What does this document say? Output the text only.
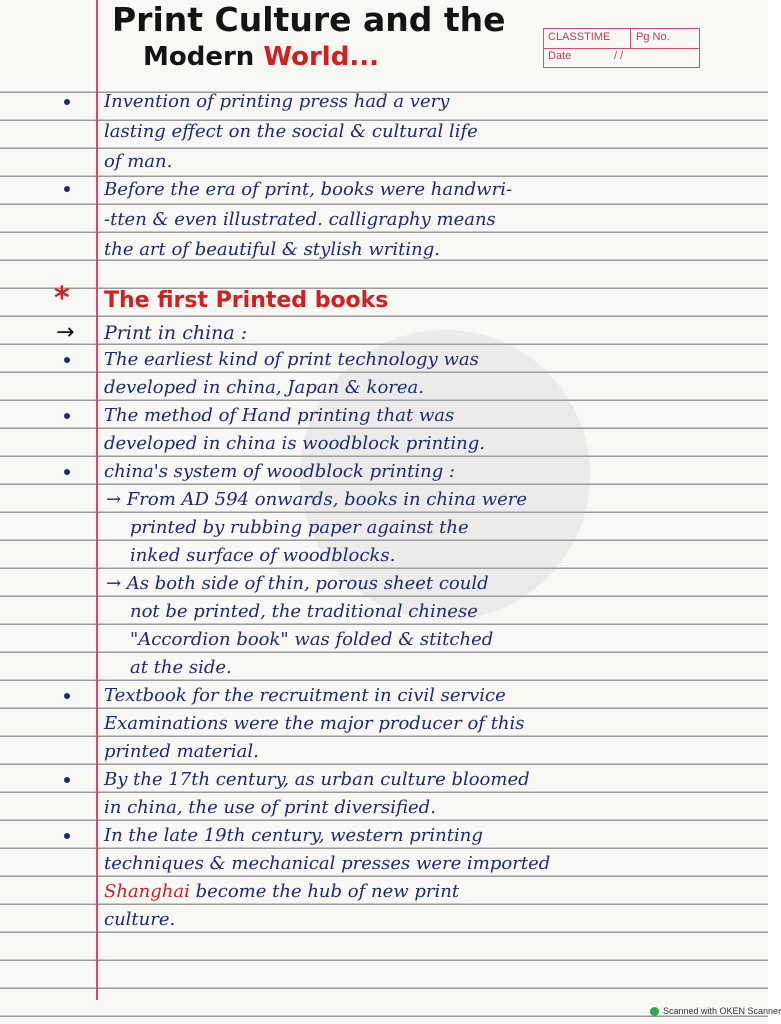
Print Culture and the
Modern World...
CLASSTIME Pg No.
Date	/ /

Invention of printing press had a very

lasting effect on the social & cultural life

of man.

Before the era of print, books were handwri-

-tten & even illustrated. calligraphy means

the art of beautiful & stylish writing.

* The first Printed books
→ Print in china :

The earliest kind of print technology was

developed in china, Japan & korea.

The method of Hand printing that was

developed in china is woodblock printing.

china's system of woodblock printing :

→ From AD 594 onwards, books in china were

printed by rubbing paper against the

inked surface of woodblocks.

→ As both side of thin, porous sheet could

not be printed, the traditional chinese

"Accordion book" was folded & stitched

at the side.

Textbook for the recruitment in civil service

Examinations were the major producer of this

printed material.

By the 17th century, as urban culture bloomed

in china, the use of print diversified.

In the late 19th century, western printing

techniques & mechanical presses were imported

Shanghai become the hub of new print

culture.

Scanned with OKEN Scanner
